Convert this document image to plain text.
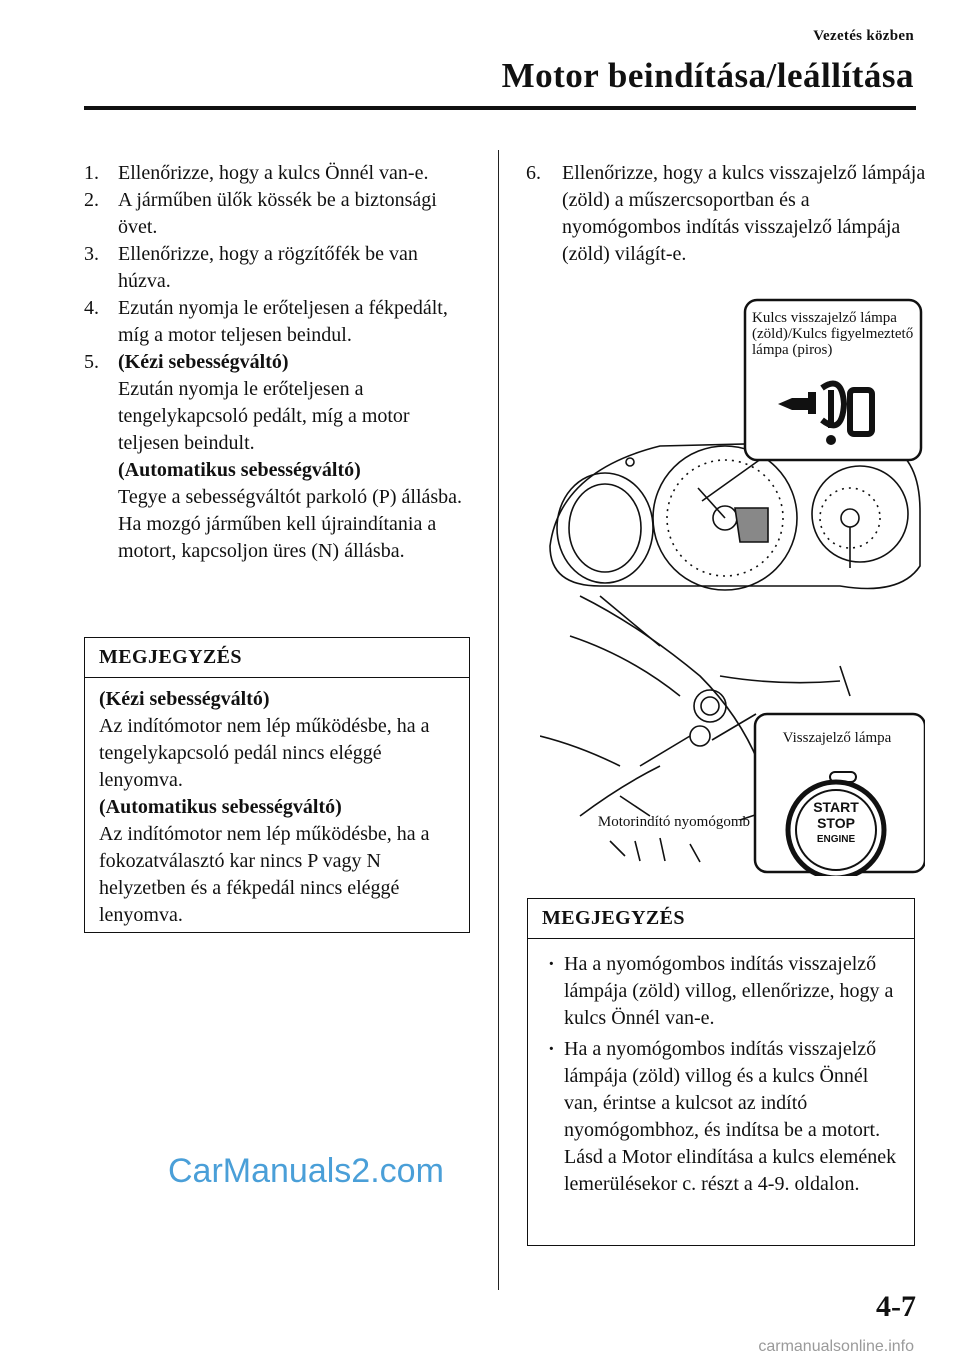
Vezetés közben
Motor beindítása/leállítása
1. Ellenőrizze, hogy a kulcs Önnél van-e.
2. A járműben ülők kössék be a biztonsági övet.
3. Ellenőrizze, hogy a rögzítőfék be van húzva.
4. Ezután nyomja le erőteljesen a fékpedált, míg a motor teljesen beindul.
5. (Kézi sebességváltó)
Ezután nyomja le erőteljesen a tengelykapcsoló pedált, míg a motor teljesen beindult.
(Automatikus sebességváltó)
Tegye a sebességváltót parkoló (P) állásba. Ha mozgó járműben kell újraindítania a motort, kapcsoljon üres (N) állásba.
MEGJEGYZÉS
(Kézi sebességváltó)
Az indítómotor nem lép működésbe, ha a tengelykapcsoló pedál nincs eléggé lenyomva.
(Automatikus sebességváltó)
Az indítómotor nem lép működésbe, ha a fokozatválasztó kar nincs P vagy N helyzetben és a fékpedál nincs eléggé lenyomva.
6. Ellenőrizze, hogy a kulcs visszajelző lámpája (zöld) a műszercsoportban és a nyomógombos indítás visszajelző lámpája (zöld) világít-e.
START
STOP
ENGINE
Kulcs visszajelző lámpa (zöld)/Kulcs figyelmeztető lámpa (piros)
Visszajelző lámpa
Motorindító nyomógomb
MEGJEGYZÉS
· Ha a nyomógombos indítás visszajelző lámpája (zöld) villog, ellenőrizze, hogy a kulcs Önnél van-e.
· Ha a nyomógombos indítás visszajelző lámpája (zöld) villog és a kulcs Önnél van, érintse a kulcsot az indító nyomógombhoz, és indítsa be a motort. Lásd a Motor elindítása a kulcs elemének lemerülésekor c. részt a 4-9. oldalon.
CarManuals2.com
4-7
carmanualsonline.info
